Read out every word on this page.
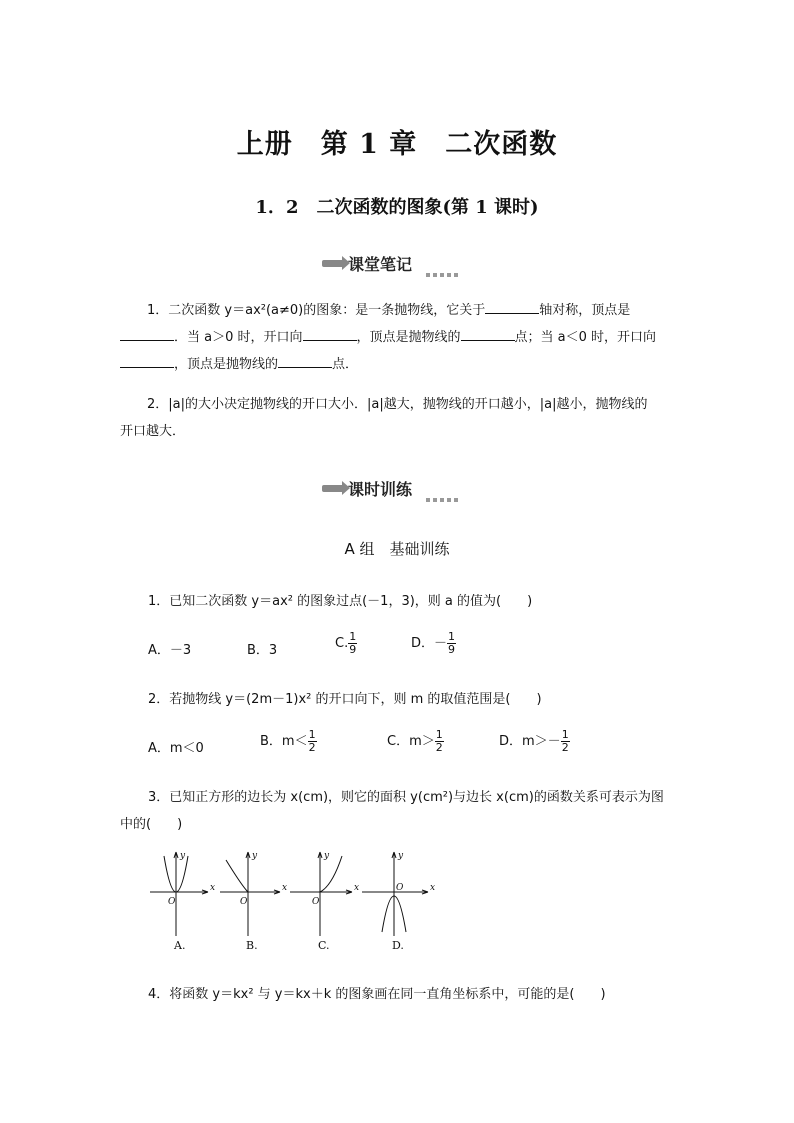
上册　第 1 章　二次函数
1．2　二次函数的图象(第 1 课时)
课堂笔记
1．二次函数 y＝ax²(a≠0)的图象：是一条抛物线，它关于	轴对称，顶点是
．当 a＞0 时，开口向	，顶点是抛物线的	点；当 a＜0 时，开口向
，顶点是抛物线的	点．
2．|a|的大小决定抛物线的开口大小．|a|越大，抛物线的开口越小，|a|越小，抛物线的
开口越大．
课时训练
A 组　基础训练
1．已知二次函数 y＝ax² 的图象过点(－1，3)，则 a 的值为(　　)
A．－3	B．3	C. $\frac{1}{9}$	D．－ $\frac{1}{9}$
2．若抛物线 y＝(2m－1)x² 的开口向下，则 m 的取值范围是(　　)
A．m＜0	B．$m< \frac{1}{2}$	C．$m> \frac{1}{2}$	D．$m>- \frac{1}{2}$
3．已知正方形的边长为 x(cm)，则它的面积 y(cm²)与边长 x(cm)的函数关系可表示为图
中的(　　)
y
x
O
y
x
O
y
x
O
y
x
O
A.	B.	C.	D.
4．将函数 y＝kx² 与 y＝kx＋k 的图象画在同一直角坐标系中，可能的是(　　)
